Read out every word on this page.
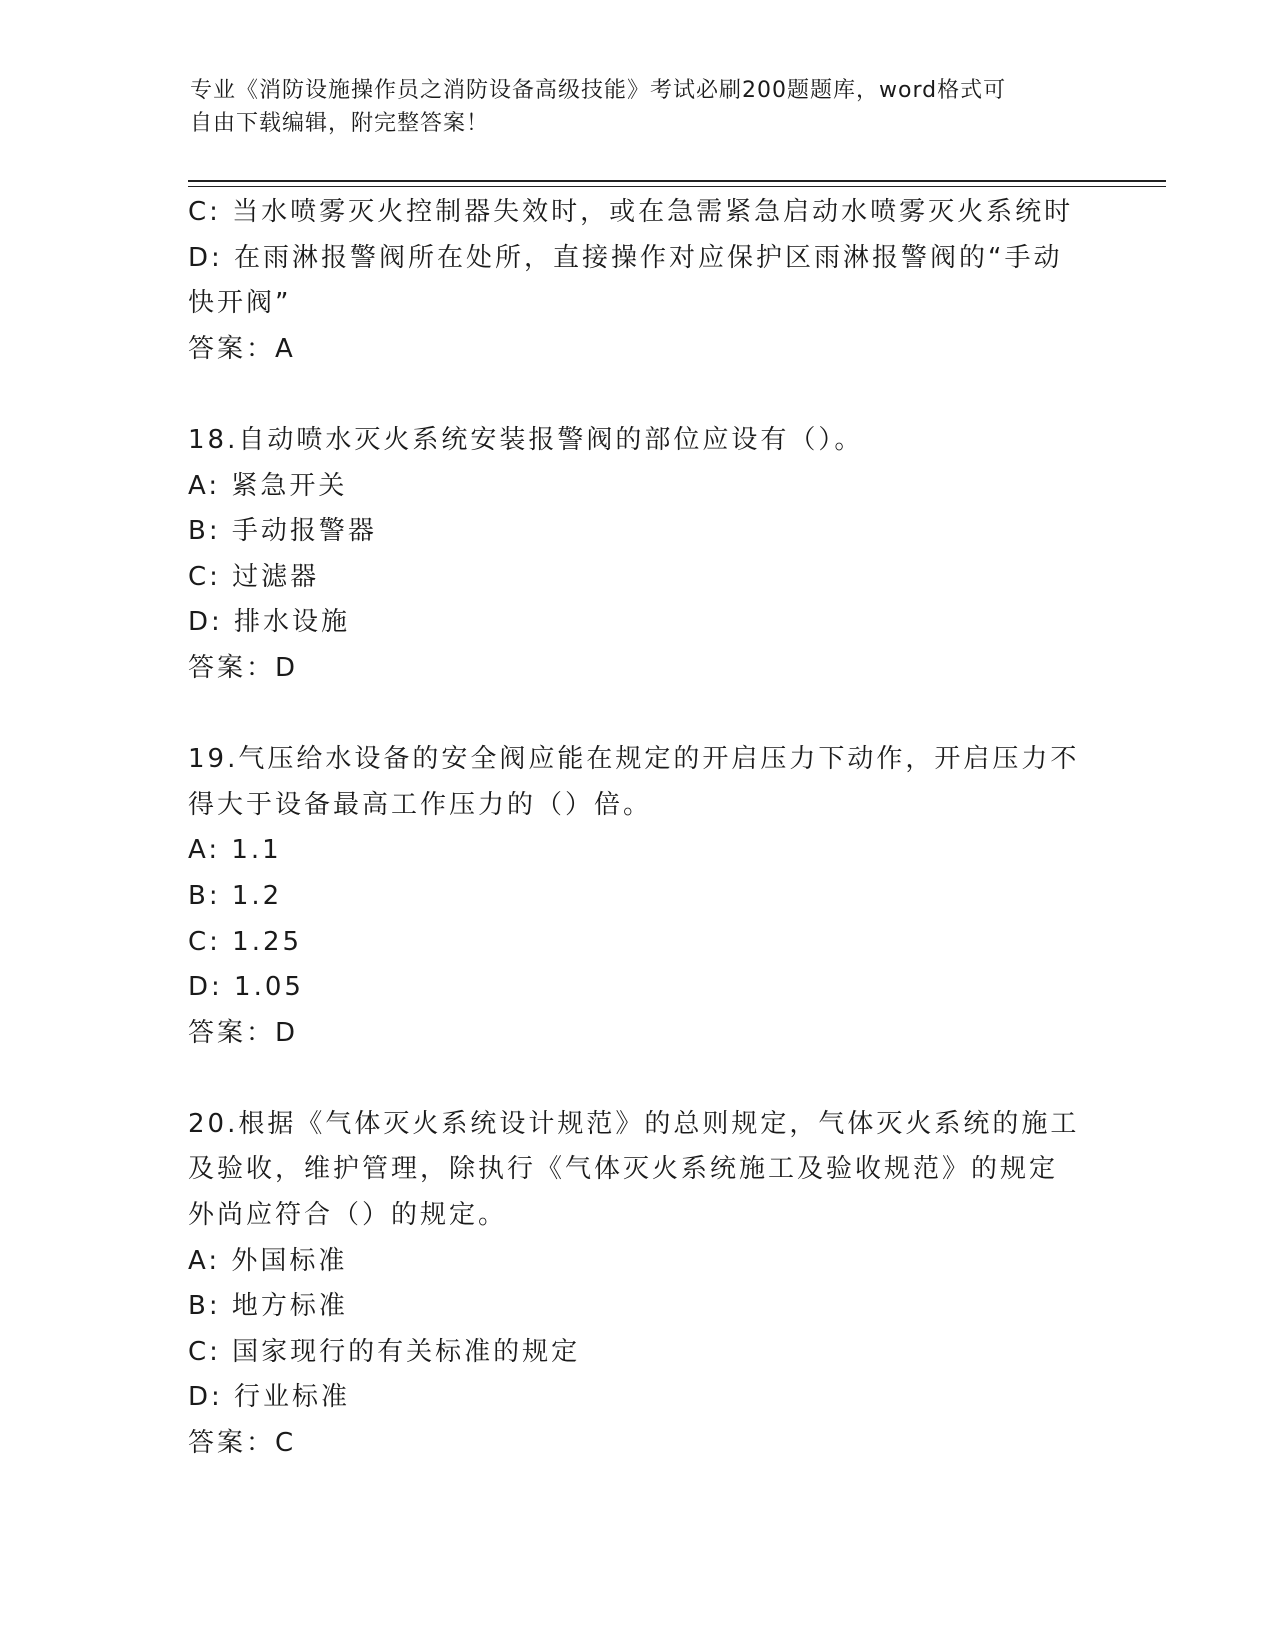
专业《消防设施操作员之消防设备高级技能》考试必刷200题题库，word格式可
自由下载编辑，附完整答案！
C: 当水喷雾灭火控制器失效时，或在急需紧急启动水喷雾灭火系统时
D: 在雨淋报警阀所在处所，直接操作对应保护区雨淋报警阀的“手动
快开阀”
答案：A
18.自动喷水灭火系统安装报警阀的部位应设有（）。
A: 紧急开关
B: 手动报警器
C: 过滤器
D: 排水设施
答案：D
19.气压给水设备的安全阀应能在规定的开启压力下动作，开启压力不
得大于设备最高工作压力的（）倍。
A: 1.1
B: 1.2
C: 1.25
D: 1.05
答案：D
20.根据《气体灭火系统设计规范》的总则规定，气体灭火系统的施工
及验收，维护管理，除执行《气体灭火系统施工及验收规范》的规定
外尚应符合（）的规定。
A: 外国标准
B: 地方标准
C: 国家现行的有关标准的规定
D: 行业标准
答案：C
